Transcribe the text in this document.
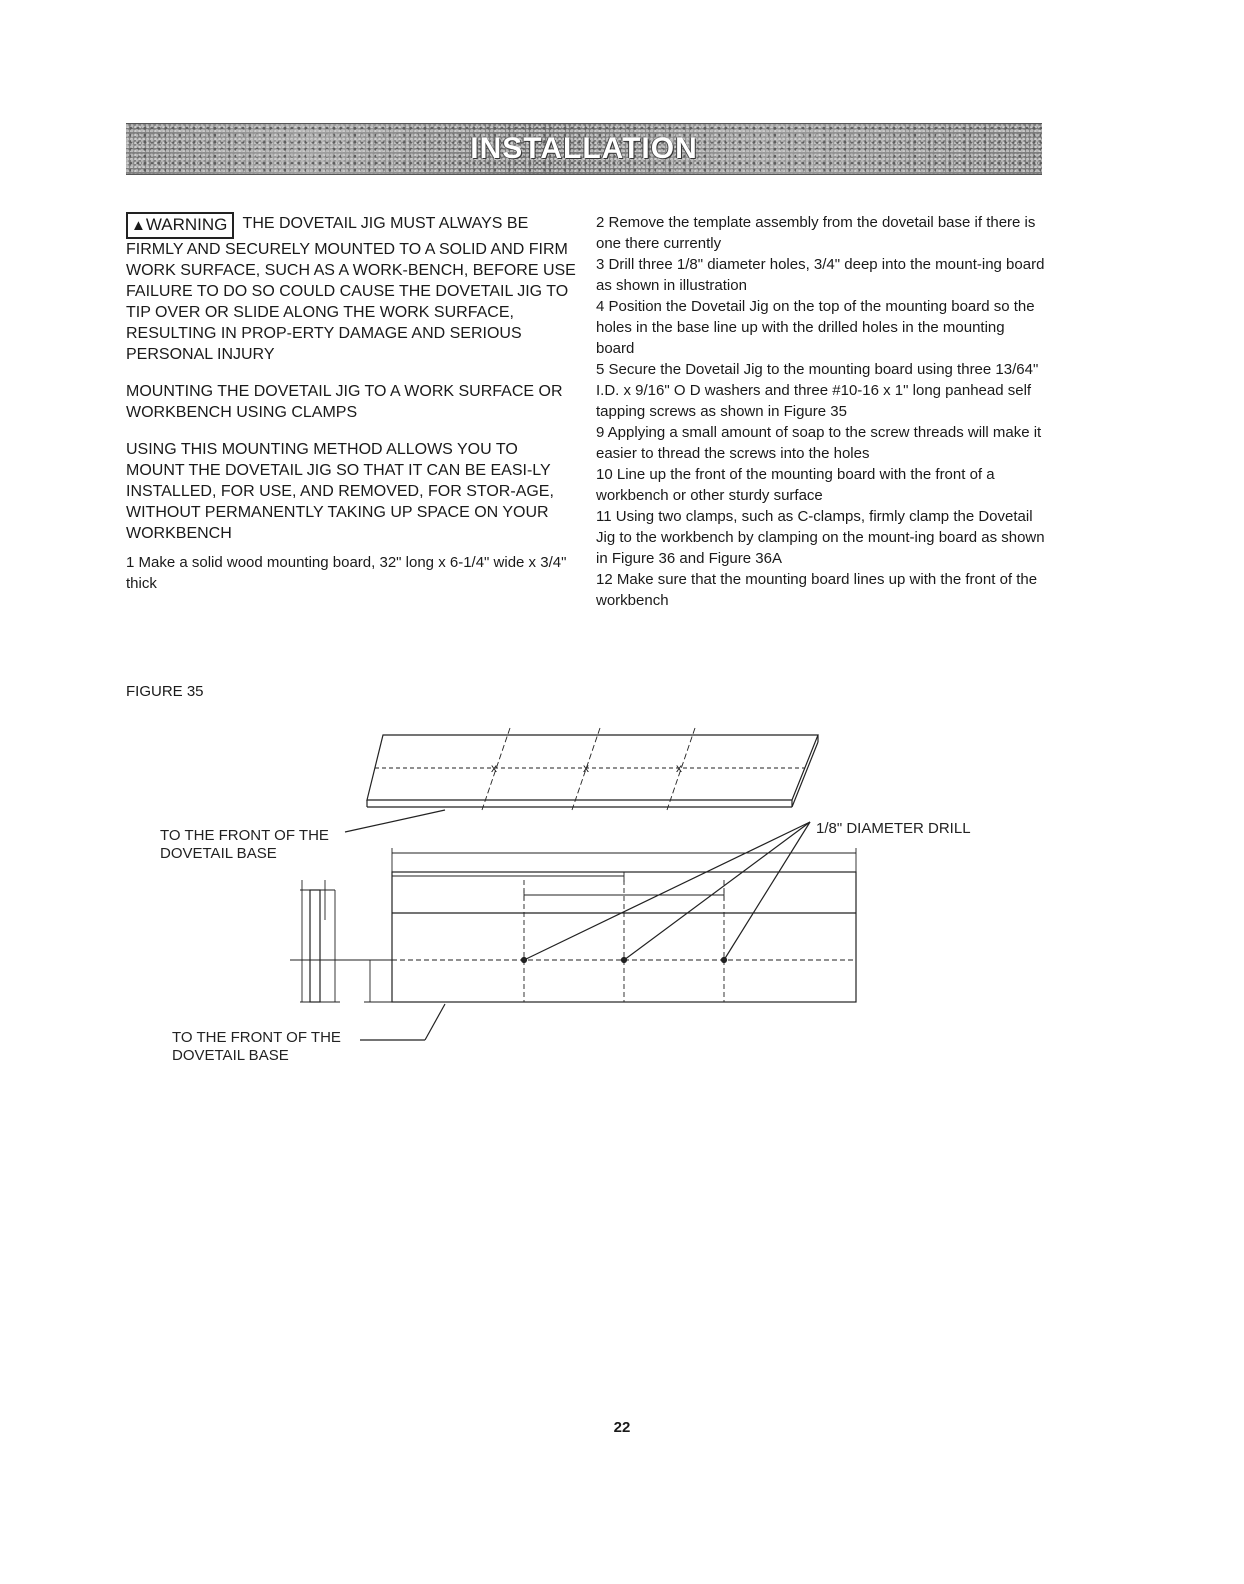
INSTALLATION

▲WARNING THE DOVETAIL JIG MUST ALWAYS BE FIRMLY AND SECURELY MOUNTED TO A SOLID AND FIRM WORK SURFACE, SUCH AS A WORK-BENCH, BEFORE USE FAILURE TO DO SO COULD CAUSE THE DOVETAIL JIG TO TIP OVER OR SLIDE ALONG THE WORK SURFACE, RESULTING IN PROP-ERTY DAMAGE AND SERIOUS PERSONAL INJURY

MOUNTING THE DOVETAIL JIG TO A WORK SURFACE OR WORKBENCH USING CLAMPS

USING THIS MOUNTING METHOD ALLOWS YOU TO MOUNT THE DOVETAIL JIG SO THAT IT CAN BE EASI-LY INSTALLED, FOR USE, AND REMOVED, FOR STOR-AGE, WITHOUT PERMANENTLY TAKING UP SPACE ON YOUR WORKBENCH

1 Make a solid wood mounting board, 32" long x 6-1/4" wide x 3/4" thick

2 Remove the template assembly from the dovetail base if there is one there currently

3 Drill three 1/8" diameter holes, 3/4" deep into the mount-ing board as shown in illustration

4 Position the Dovetail Jig on the top of the mounting board so the holes in the base line up with the drilled holes in the mounting board

5 Secure the Dovetail Jig to the mounting board using three 13/64" I.D. x 9/16" O D washers and three #10-16 x 1" long panhead self tapping screws as shown in Figure 35

9 Applying a small amount of soap to the screw threads will make it easier to thread the screws into the holes

10 Line up the front of the mounting board with the front of a workbench or other sturdy surface

11 Using two clamps, such as C-clamps, firmly clamp the Dovetail Jig to the workbench by clamping on the mount-ing board as shown in Figure 36 and Figure 36A

12 Make sure that the mounting board lines up with the front of the workbench

FIGURE 35
x	x	x
TO THE FRONT OF THE
DOVETAIL BASE
1/8" DIAMETER DRILL
TO THE FRONT OF THE
DOVETAIL BASE
22
